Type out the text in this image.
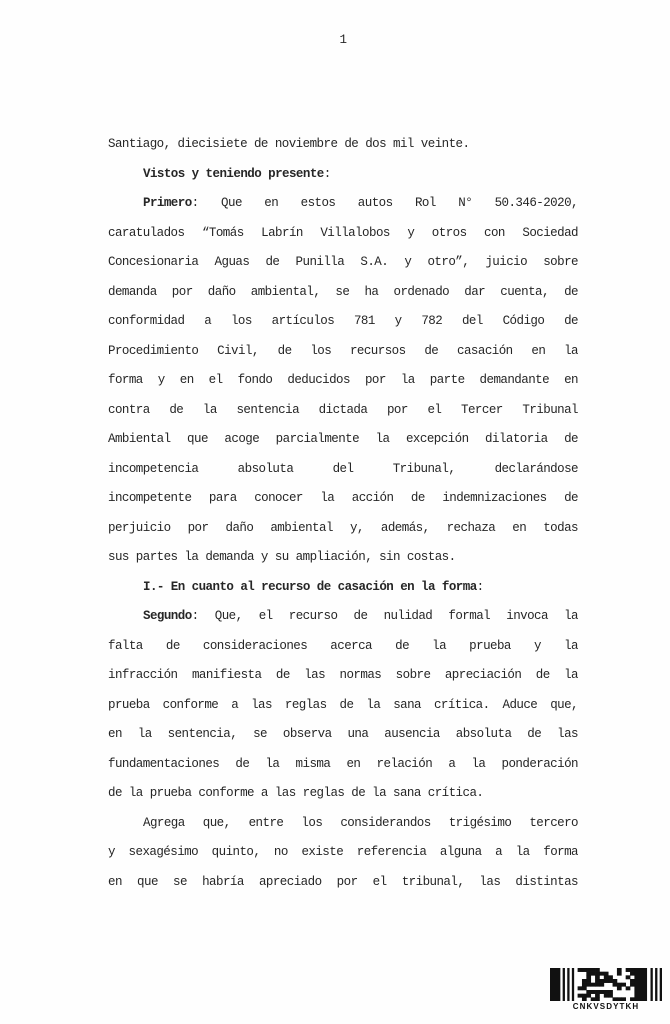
1
Santiago, diecisiete de noviembre de dos mil veinte.
Vistos y teniendo presente:
Primero: Que en estos autos Rol N° 50.346-2020,
caratulados “Tomás Labrín Villalobos y otros con Sociedad
Concesionaria Aguas de Punilla S.A. y otro”, juicio sobre
demanda por daño ambiental, se ha ordenado dar cuenta, de
conformidad a los artículos 781 y 782 del Código de
Procedimiento Civil, de los recursos de casación en la
forma y en el fondo deducidos por la parte demandante en
contra de la sentencia dictada por el Tercer Tribunal
Ambiental que acoge parcialmente la excepción dilatoria de
incompetencia absoluta del Tribunal, declarándose
incompetente para conocer la acción de indemnizaciones de
perjuicio por daño ambiental y, además, rechaza en todas
sus partes la demanda y su ampliación, sin costas.
I.- En cuanto al recurso de casación en la forma:
Segundo: Que, el recurso de nulidad formal invoca la
falta de consideraciones acerca de la prueba y la
infracción manifiesta de las normas sobre apreciación de la
prueba conforme a las reglas de la sana crítica. Aduce que,
en la sentencia, se observa una ausencia absoluta de las
fundamentaciones de la misma en relación a la ponderación
de la prueba conforme a las reglas de la sana crítica.
Agrega que, entre los considerandos trigésimo tercero
y sexagésimo quinto, no existe referencia alguna a la forma
en que se habría apreciado por el tribunal, las distintas
CNKVSDYTKH
